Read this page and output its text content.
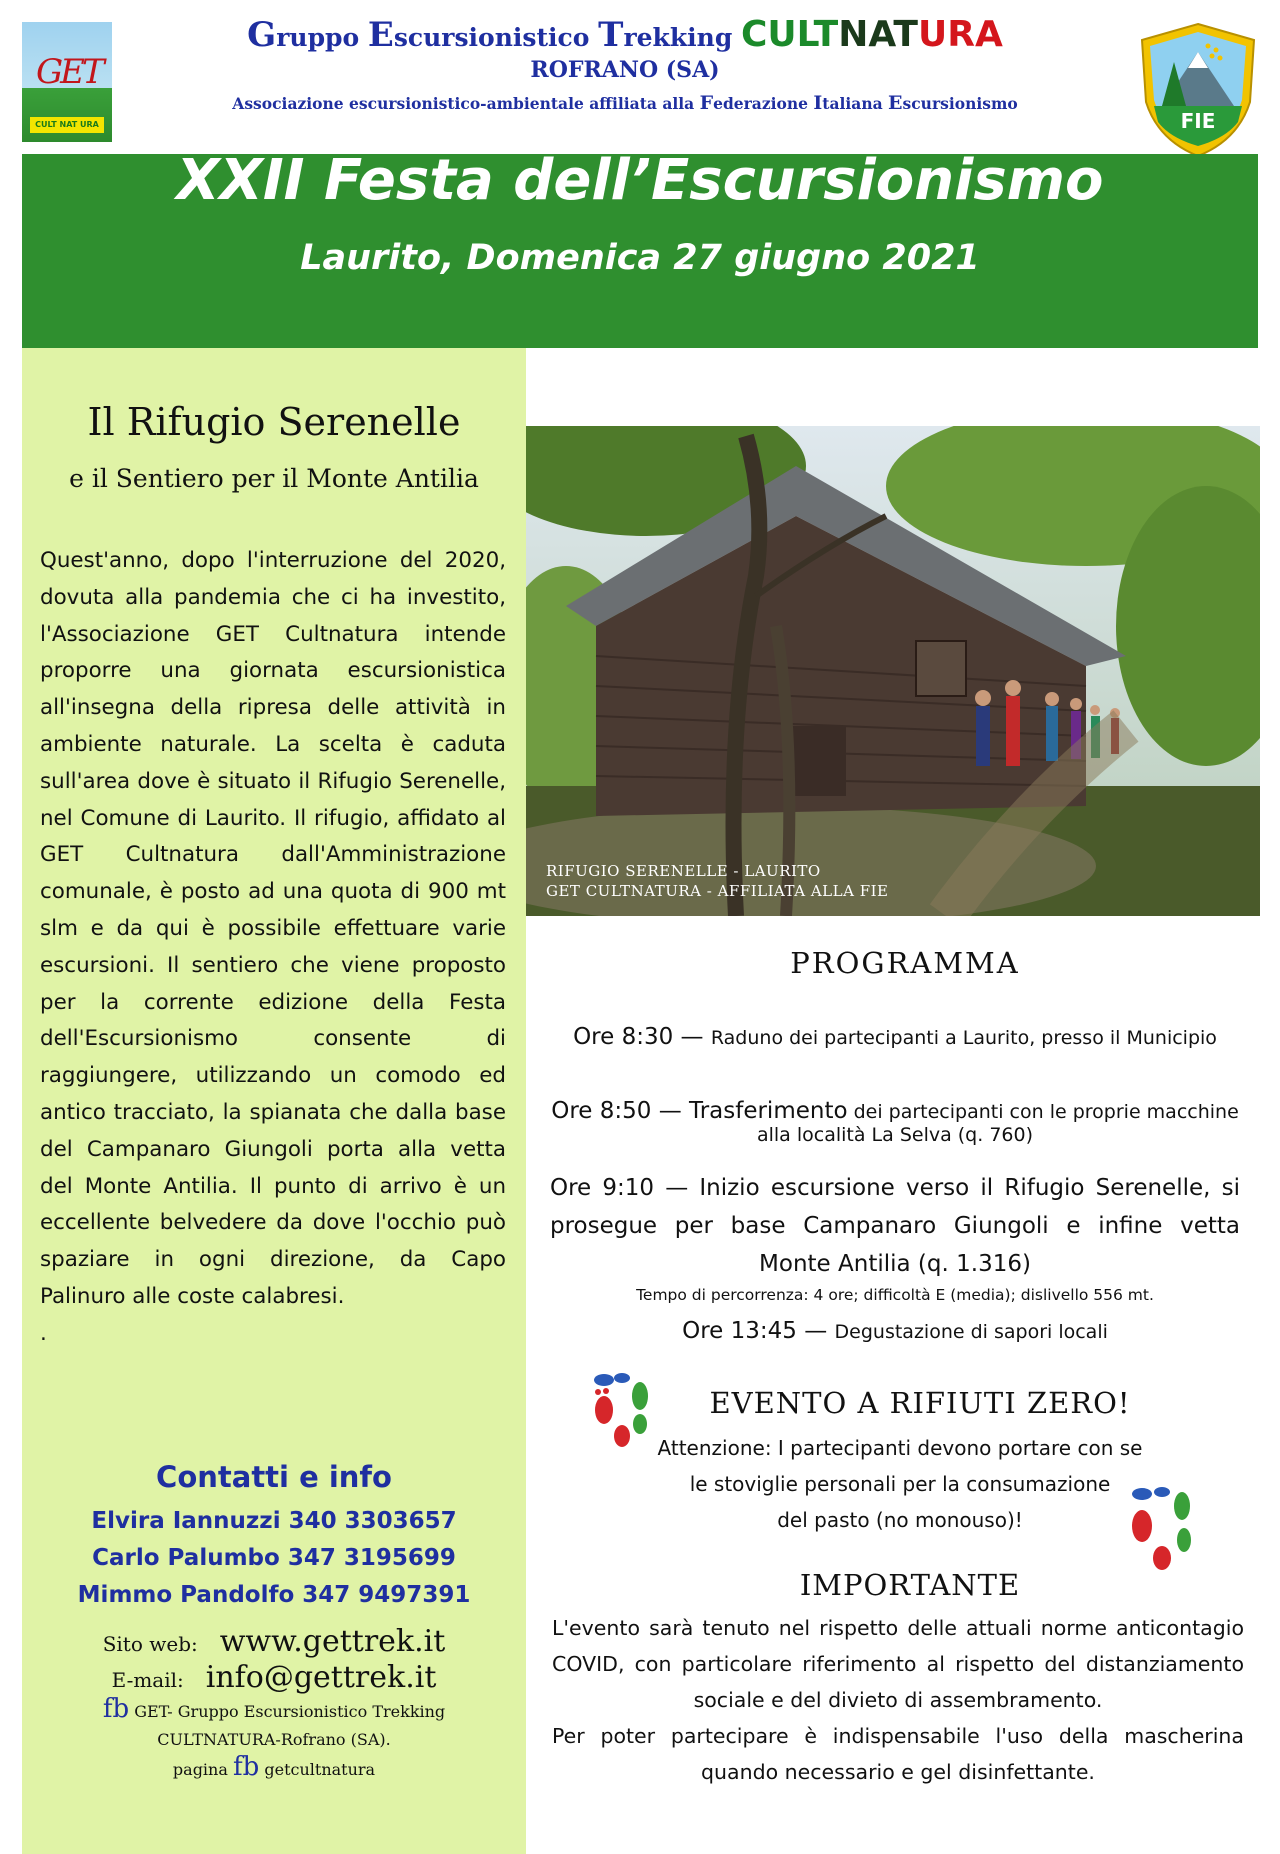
GET
CULT NAT URA	FIE
Gruppo Escursionistico Trekking CULTNATURA
ROFRANO (SA)
Associazione escursionistico-ambientale affiliata alla Federazione Italiana Escursionismo
XXII Festa dell’Escursionismo
Laurito, Domenica 27 giugno 2021
Il Rifugio Serenelle
e il Sentiero per il Monte Antilia
Quest'anno, dopo l'interruzione del 2020, dovuta alla pandemia che ci ha investito, l'Associazione GET Cultnatura intende proporre una giornata escursionistica all'insegna della ripresa delle attività in ambiente naturale. La scelta è caduta sull'area dove è situato il Rifugio Serenelle, nel Comune di Laurito. Il rifugio, affidato al GET Cultnatura dall'Amministrazione comunale, è posto ad una quota di 900 mt slm e da qui è possibile effettuare varie escursioni. Il sentiero che viene proposto per la corrente edizione della Festa dell'Escursionismo consente di raggiungere, utilizzando un comodo ed antico tracciato, la spianata che dalla base del Campanaro Giungoli porta alla vetta del Monte Antilia. Il punto di arrivo è un eccellente belvedere da dove l'occhio può spaziare in ogni direzione, da Capo Palinuro alle coste calabresi.
.
Contatti e info
Elvira Iannuzzi 340 3303657
Carlo Palumbo 347 3195699
Mimmo Pandolfo 347 9497391
Sito web: www.gettrek.it
E-mail: info@gettrek.it
fb GET- Gruppo Escursionistico Trekking
CULTNATURA-Rofrano (SA).
pagina fb getcultnatura
RIFUGIO SERENELLE - LAURITO
GET CULTNATURA - AFFILIATA ALLA FIE
PROGRAMMA
Ore 8:30 — Raduno dei partecipanti a Laurito, presso il Municipio
Ore 8:50 — Trasferimento dei partecipanti con le proprie macchine alla località La Selva (q. 760)
Ore 9:10 — Inizio escursione verso il Rifugio Serenelle, si prosegue per base Campanaro Giungoli e infine vetta Monte Antilia (q. 1.316)
Tempo di percorrenza: 4 ore; difficoltà E (media); dislivello 556 mt.
Ore 13:45 — Degustazione di sapori locali
EVENTO A RIFIUTI ZERO!
Attenzione: I partecipanti devono portare con se
le stoviglie personali per la consumazione
del pasto (no monouso)!
IMPORTANTE
L'evento sarà tenuto nel rispetto delle attuali norme anticontagio COVID, con particolare riferimento al rispetto del distanziamento sociale e del divieto di assembramento.
Per poter partecipare è indispensabile l'uso della mascherina quando necessario e gel disinfettante.
